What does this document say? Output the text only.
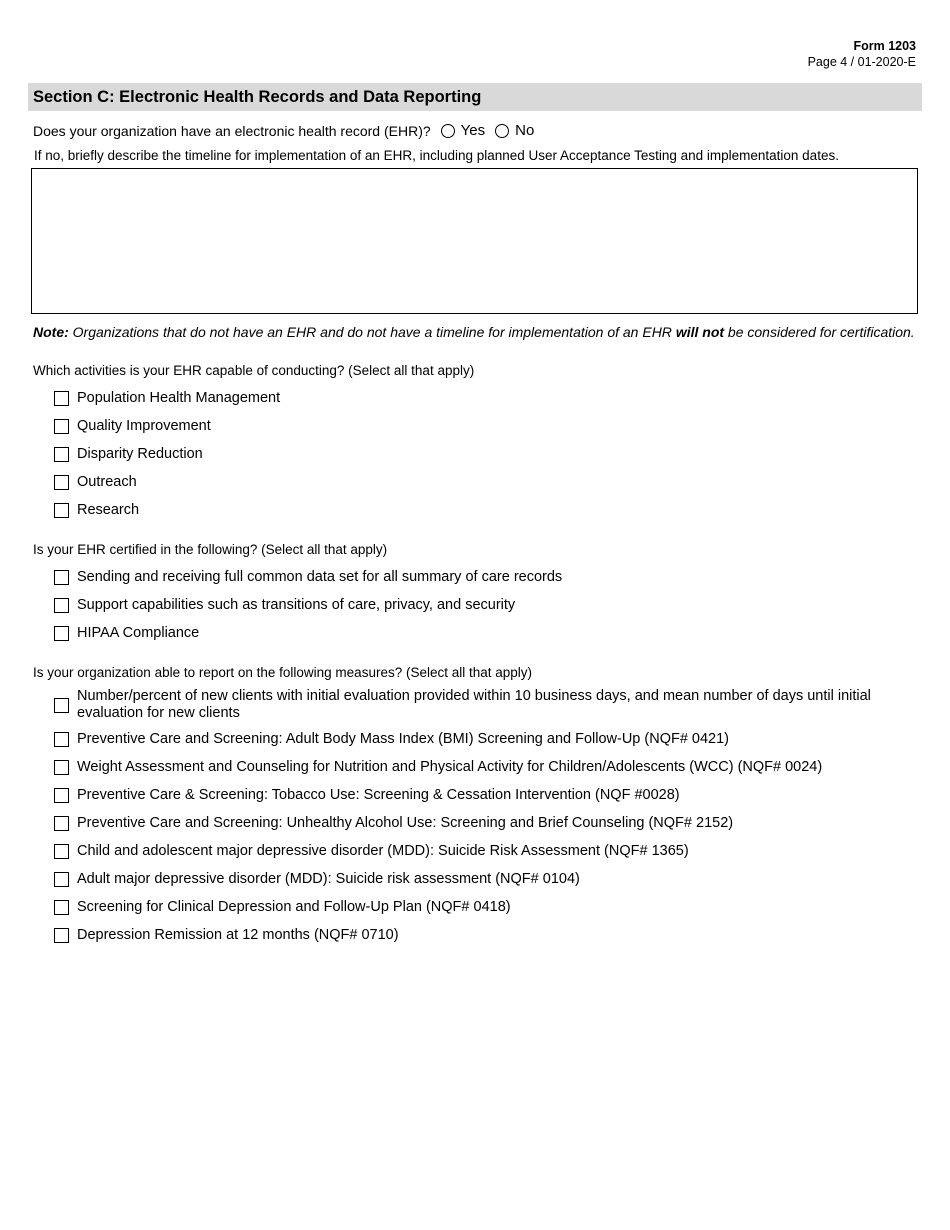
Form 1203
Page 4 / 01-2020-E
Section C: Electronic Health Records and Data Reporting
Does your organization have an electronic health record (EHR)? Yes No
If no, briefly describe the timeline for implementation of an EHR, including planned User Acceptance Testing and implementation dates.
Note: Organizations that do not have an EHR and do not have a timeline for implementation of an EHR will not be considered for certification.
Which activities is your EHR capable of conducting? (Select all that apply)
Population Health Management
Quality Improvement
Disparity Reduction
Outreach
Research
Is your EHR certified in the following? (Select all that apply)
Sending and receiving full common data set for all summary of care records
Support capabilities such as transitions of care, privacy, and security
HIPAA Compliance
Is your organization able to report on the following measures? (Select all that apply)
Number/percent of new clients with initial evaluation provided within 10 business days, and mean number of days until initial evaluation for new clients
Preventive Care and Screening: Adult Body Mass Index (BMI) Screening and Follow-Up (NQF# 0421)
Weight Assessment and Counseling for Nutrition and Physical Activity for Children/Adolescents (WCC) (NQF# 0024)
Preventive Care & Screening: Tobacco Use: Screening & Cessation Intervention (NQF #0028)
Preventive Care and Screening: Unhealthy Alcohol Use: Screening and Brief Counseling (NQF# 2152)
Child and adolescent major depressive disorder (MDD): Suicide Risk Assessment (NQF# 1365)
Adult major depressive disorder (MDD): Suicide risk assessment (NQF# 0104)
Screening for Clinical Depression and Follow-Up Plan (NQF# 0418)
Depression Remission at 12 months (NQF# 0710)
